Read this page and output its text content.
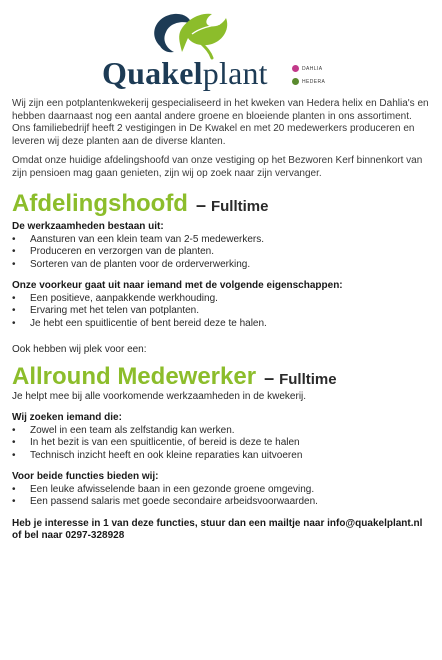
Quakelplant	DAHLIA
HEDERA

Wij zijn een potplantenkwekerij gespecialiseerd in het kweken van Hedera helix en Dahlia's en hebben daarnaast nog een aantal andere groene en bloeiende planten in ons assortiment. Ons familiebedrijf heeft 2 vestigingen in De Kwakel en met 20 medewerkers produceren en leveren wij deze planten aan de diverse klanten.

Omdat onze huidige afdelingshoofd van onze vestiging op het Bezworen Kerf binnenkort van zijn pensioen mag gaan genieten, zijn wij op zoek naar zijn vervanger.

Afdelingshoofd – Fulltime

De werkzaamheden bestaan uit:

• Aansturen van een klein team van 2-5 medewerkers.
• Produceren en verzorgen van de planten.
• Sorteren van de planten voor de orderverwerking.

Onze voorkeur gaat uit naar iemand met de volgende eigenschappen:

• Een positieve, aanpakkende werkhouding.
• Ervaring met het telen van potplanten.
• Je hebt een spuitlicentie of bent bereid deze te halen.

Ook hebben wij plek voor een:

Allround Medewerker – Fulltime

Je helpt mee bij alle voorkomende werkzaamheden in de kwekerij.

Wij zoeken iemand die:

• Zowel in een team als zelfstandig kan werken.
• In het bezit is van een spuitlicentie, of bereid is deze te halen
• Technisch inzicht heeft en ook kleine reparaties kan uitvoeren

Voor beide functies bieden wij:

• Een leuke afwisselende baan in een gezonde groene omgeving.
• Een passend salaris met goede secondaire arbeidsvoorwaarden.

Heb je interesse in 1 van deze functies, stuur dan een mailtje naar info@quakelplant.nl of bel naar 0297-328928
